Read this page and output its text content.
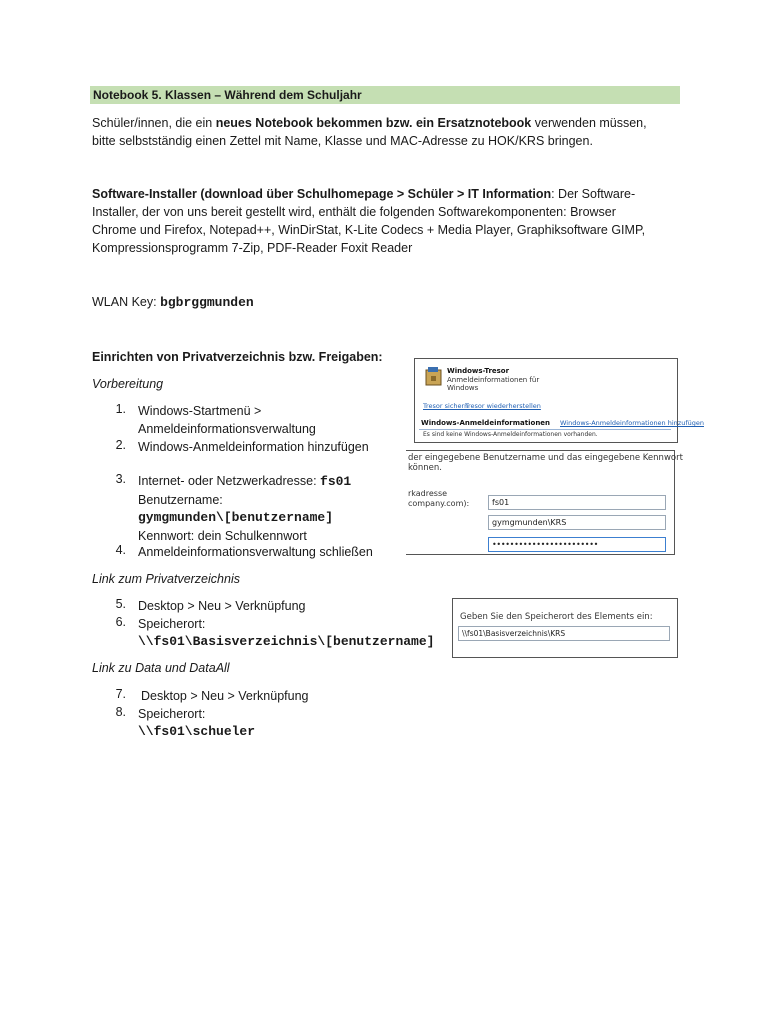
Notebook 5. Klassen – Während dem Schuljahr
Schüler/innen, die ein neues Notebook bekommen bzw. ein Ersatznotebook verwenden müssen,
bitte selbstständig einen Zettel mit Name, Klasse und MAC-Adresse zu HOK/KRS bringen.
Software-Installer (download über Schulhomepage > Schüler > IT Information: Der Software-
Installer, der von uns bereit gestellt wird, enthält die folgenden Softwarekomponenten: Browser
Chrome und Firefox, Notepad++, WinDirStat, K-Lite Codecs + Media Player, Graphiksoftware GIMP,
Kompressionsprogramm 7-Zip, PDF-Reader Foxit Reader
WLAN Key: bgbrggmunden
Einrichten von Privatverzeichnis bzw. Freigaben:
Vorbereitung
1. Windows-Startmenü >
Anmeldeinformationsverwaltung
2. Windows-Anmeldeinformation hinzufügen
3. Internet- oder Netzwerkadresse: fs01
Benutzername:
gymgmunden\[benutzername]
Kennwort: dein Schulkennwort
4. Anmeldeinformationsverwaltung schließen
Link zum Privatverzeichnis
5. Desktop > Neu > Verknüpfung
6. Speicherort:
\\fs01\Basisverzeichnis\[benutzername]
Link zu Data und DataAll
7. Desktop > Neu > Verknüpfung
8. Speicherort:
\\fs01\schueler
Windows-Tresor
Anmeldeinformationen für
Windows
Tresor sichern
Tresor wiederherstellen
Windows-Anmeldeinformationen Windows-Anmeldeinformationen hinzufügen
Es sind keine Windows-Anmeldeinformationen vorhanden.
der eingegebene Benutzername und das eingegebene Kennwort
können.
rkadresse
company.com):	fs01
gymgmunden\KRS
••••••••••••••••••••••••
Geben Sie den Speicherort des Elements ein:
\\fs01\Basisverzeichnis\KRS
